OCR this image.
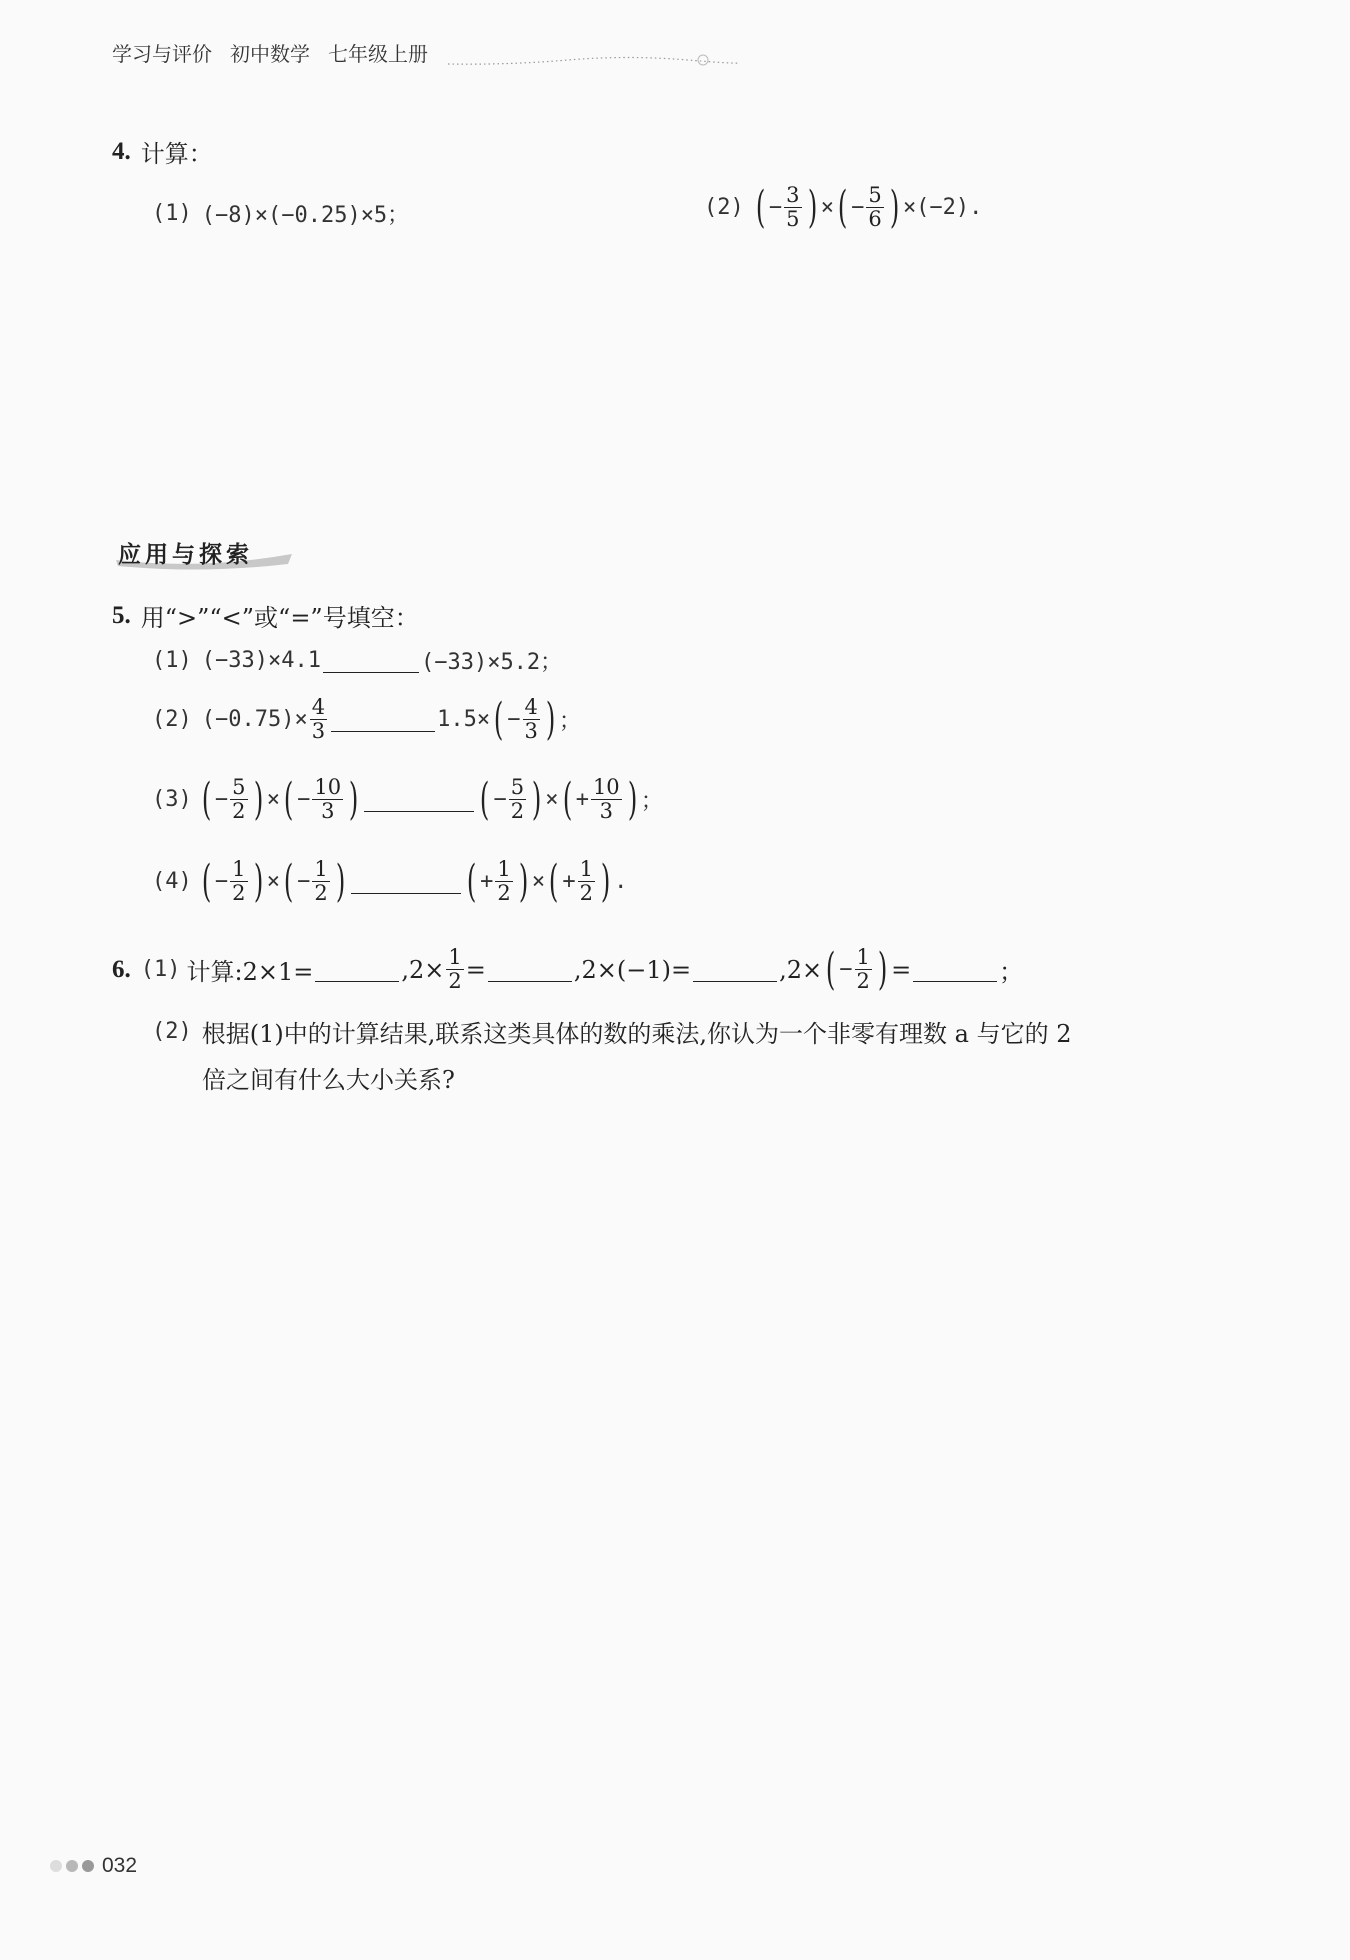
学习与评价 初中数学 七年级上册
4. 计算：
(1) (−8)×(−0.25)×5；	(2) ( − $\frac{3}{5}$ ) × ( − $\frac{5}{6}$ ) ×(−2).
应用与探索
5. 用“>”“<”或“=”号填空：
(1) (−33)×4.1	(−33)×5.2；
(2) $(-0.75)\times \frac{4}{3}$	1.5× ( − $\frac{4}{3}$ ) ；
(3) ( − $\frac{5}{2}$ ) × ( − $\frac{10}{3}$ )	( − $\frac{5}{2}$ ) × ( + $\frac{10}{3}$ ) ；
(4) ( − $\frac{1}{2}$ ) × ( − $\frac{1}{2}$ )	( + $\frac{1}{2}$ ) × ( + $\frac{1}{2}$ ) .
6. (1) 计算:2×1=	$,2\times \frac{1}{2}$ =	,2×(−1)=	,2× ( − $\frac{1}{2}$ ) =	；
(2) 根据(1)中的计算结果,联系这类具体的数的乘法,你认为一个非零有理数 a 与它的 2
倍之间有什么大小关系?
032
